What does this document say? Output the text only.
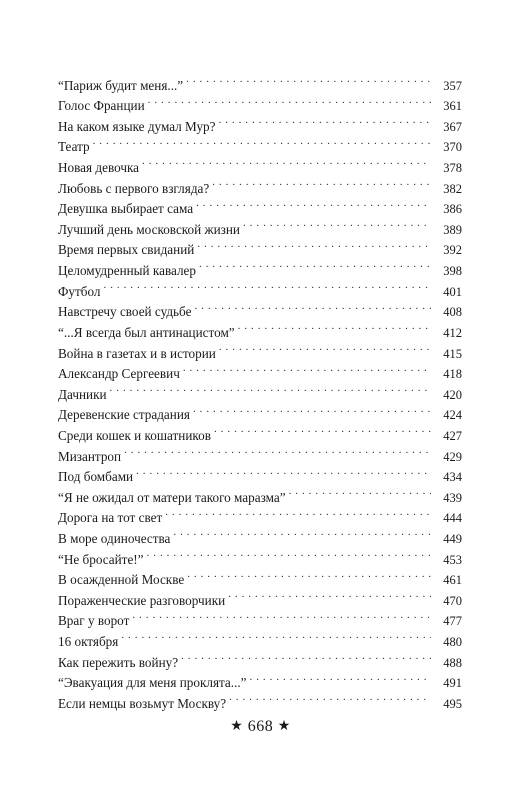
“Париж будит меня...” . . .	357
Голос Франции . . .	361
На каком языке думал Мур? . . .	367
Театр . . .	370
Новая девочка . . .	378
Любовь с первого взгляда? . . .	382
Девушка выбирает сама . . .	386
Лучший день московской жизни . . .	389
Время первых свиданий . . .	392
Целомудренный кавалер . . .	398
Футбол . . .	401
Навстречу своей судьбе . . .	408
“...Я всегда был антинацистом” . . .	412
Война в газетах и в истории . . .	415
Александр Сергеевич . . .	418
Дачники . . .	420
Деревенские страдания . . .	424
Среди кошек и кошатников . . .	427
Мизантроп . . .	429
Под бомбами . . .	434
“Я не ожидал от матери такого маразма” . . .	439
Дорога на тот свет . . .	444
В море одиночества . . .	449
“Не бросайте!” . . .	453
В осажденной Москве . . .	461
Пораженческие разговорчики . . .	470
Враг у ворот . . .	477
16 октября . . .	480
Как пережить войну? . . .	488
“Эвакуация для меня проклята...” . . .	491
Если немцы возьмут Москву? . . .	495
★ 668 ★
